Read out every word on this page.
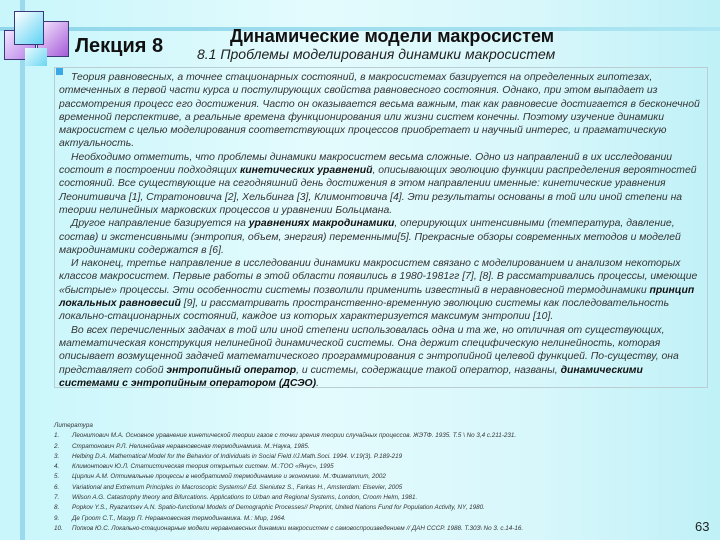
Лекция 8	Динамические модели макросистем
8.1 Проблемы моделирования динамики макросистем

Теория равновесных, а точнее стационарных состояний, в макросистемах базируется на определенных гипотезах, отмеченных в первой части курса и постулирующих свойства равновесного состояния. Однако, при этом выпадает из рассмотрения процесс его достижения. Часто он оказывается весьма важным, так как равновесие достигается в бесконечной временной перспективе, а реальные времена функционирования или жизни систем конечны. Поэтому изучение динамики макросистем с целью моделирования соответствующих процессов приобретает и научный интерес, и прагматическую актуальность.

Необходимо отметить, что проблемы динамики макросистем весьма сложные. Одно из направлений в их исследовании состоит в построении подходящих кинетических уравнений, описывающих эволюцию функции распределения вероятностей состояний. Все существующие на сегодняшний день достижения в этом направлении именные: кинетические уравнения Леонитивича [1], Стратоновича [2], Хельбинга [3], Климонтовича [4]. Эти результаты основаны в той или иной степени на теории нелинейных марковских процессов и уравнении Больцмана.

Другое направление базируется на уравнениях макродинамики, оперирующих интенсивными (температура, давление, состав) и экстенсивными (энтропия, объем, энергия) переменными[5]. Прекрасные обзоры современных методов и моделей макродинамики содержатся в [6].

И наконец, третье направление в исследовании динамики макросистем связано с моделированием и анализом некоторых классов макросистем. Первые работы в этой области появились в 1980-1981гг [7], [8]. В рассматривались процессы, имеющие «быстрые» процессы. Эти особенности системы позволили применить известный в неравновесной термодинамики принцип локальных равновесий [9], и рассматривать пространственно-временную эволюцию системы как последовательность локально-стационарных состояний, каждое из которых характеризуется максимум энтропии [10].

Во всех перечисленных задачах в той или иной степени использовалась одна и та же, но отличная от существующих, математическая конструкция нелинейной динамической системы. Она держит специфическую нелинейность, которая описывает возмущенной задачей математического программирования с энтропийной целевой функцией. По-существу, она представляет собой энтропийный оператор, и системы, содержащие такой оператор, названы, динамическими системами с энтропийным оператором (ДСЭО).

Литература
1.	Леонитович М.А. Основное уравнение кинетической теории газов с точки зрения теории случайных процессов. ЖЭТФ. 1935. Т.5 \ No 3,4 с.211-231.
2.	Стратонович Р.Л. Нелинейная неравновесная термодинамика. М.:Наука, 1985.
3.	Helbing D.A. Mathematical Model for the Behavior of Individuals in Social Field //J.Math.Soci. 1994. V.19(3). P.189-219
4.	Климонтович Ю.Л. Статистическая теория открытых систем. М.:ТОО «Янус», 1995
5.	Цирлин А.М. Оптимальные процессы в необратимой термодинамике и экономике. М.:Физматлит, 2002
6.	Variational and Extremum Principles in Macroscopic Systems// Ed. Sieniutez S., Farkas H., Amsterdam: Elsevier, 2005
7.	Wilson A.G. Catastrophy theory and Bifurcations. Applications to Urban and Regional Systems, London, Croom Helm, 1981.
8.	Popkov Y.S., Ryazantsev A.N. Spatio-functional Models of Demographic Processes// Preprint, United Nations Fund for Population Activity, NY, 1980.
9.	Де Гроот С.Т., Мазур П. Неравновесная термодинамика. М.: Мир, 1964.
10.	Попков Ю.С. Локально-стационарные модели неравновесных динамики макросистем с самовоспроизведением // ДАН СССР. 1988. Т.303\ No 3. с.14-16.	63
